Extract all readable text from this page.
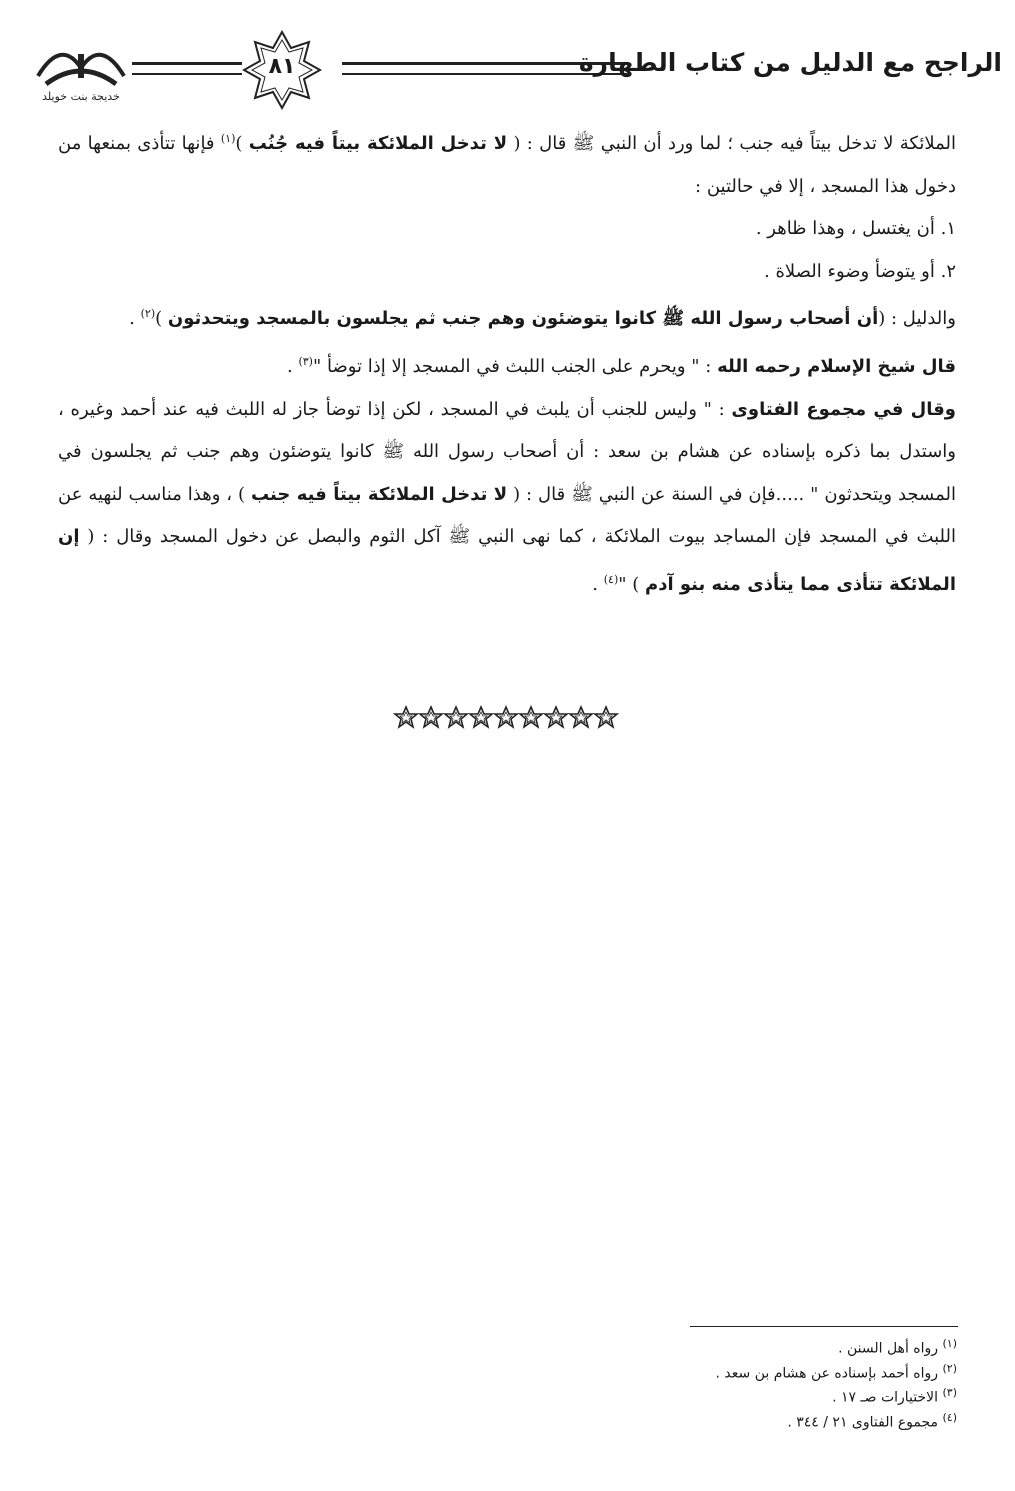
خديجة بنت خويلد
٨١	الراجح مع الدليل من كتاب الطهارة

الملائكة لا تدخل بيتاً فيه جنب ؛ لما ورد أن النبي ﷺ قال : ( لا تدخل الملائكة بيتاً فيه جُنُب )$^{(١)}$ فإنها تتأذى بمنعها من دخول هذا المسجد ، إلا في حالتين :

١. أن يغتسل ، وهذا ظاهر .

٢. أو يتوضأ وضوء الصلاة .

والدليل : (أن أصحاب رسول الله ﷺ كانوا يتوضئون وهم جنب ثم يجلسون بالمسجد ويتحدثون )$^{(٢)}$ .

قال شيخ الإسلام رحمه الله : " ويحرم على الجنب اللبث في المسجد إلا إذا توضأ "$^{(٣)}$ .

وقال في مجموع الفتاوى : " وليس للجنب أن يلبث في المسجد ، لكن إذا توضأ جاز له اللبث فيه عند أحمد وغيره ، واستدل بما ذكره بإسناده عن هشام بن سعد : أن أصحاب رسول الله ﷺ كانوا يتوضئون وهم جنب ثم يجلسون في المسجد ويتحدثون " .....فإن في السنة عن النبي ﷺ قال : ( لا تدخل الملائكة بيتاً فيه جنب ) ، وهذا مناسب لنهيه عن اللبث في المسجد فإن المساجد بيوت الملائكة ، كما نهى النبي ﷺ آكل الثوم والبصل عن دخول المسجد وقال : ( إن الملائكة تتأذى مما يتأذى منه بنو آدم ) "$^{(٤)}$ .

$^{(١)}$ رواه أهل السنن .
$^{(٢)}$ رواه أحمد بإسناده عن هشام بن سعد .
$^{(٣)}$ الاختيارات صـ ١٧ .
$^{(٤)}$ مجموع الفتاوى ٢١ / ٣٤٤ .
